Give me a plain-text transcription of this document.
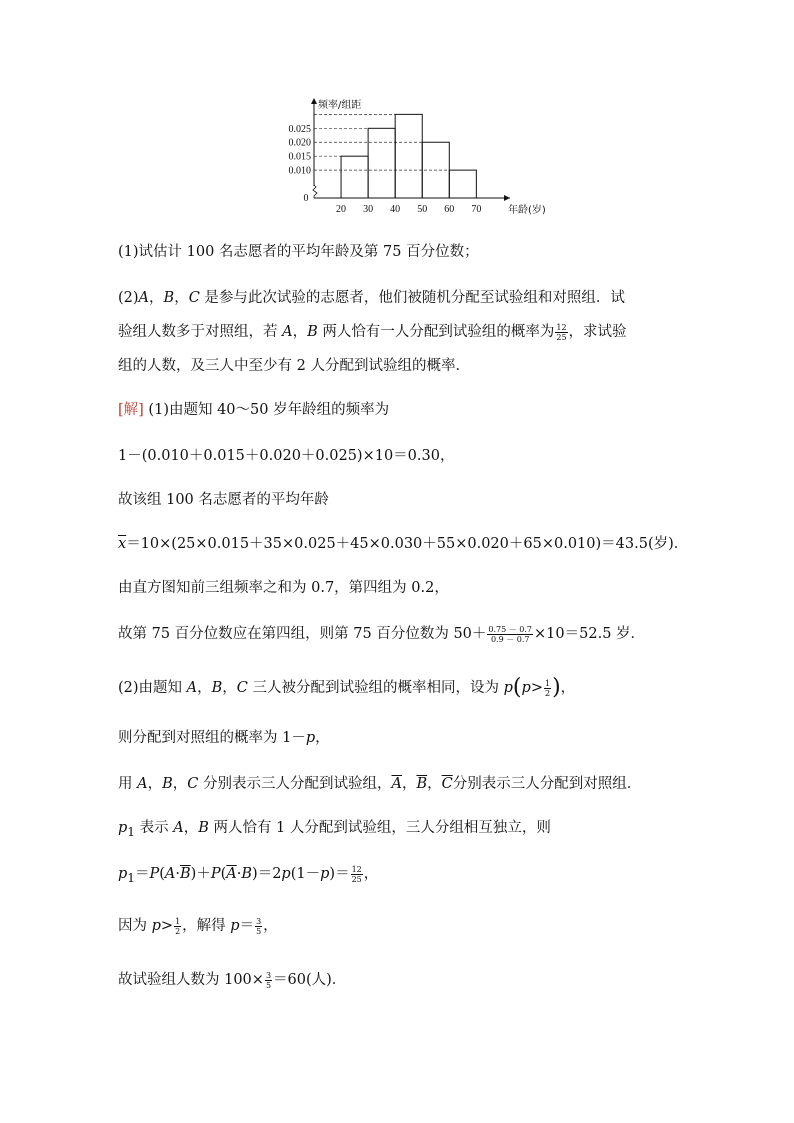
0.010
0.015
0.020
0.025
20 30 40 50 60 70
0
频率/组距
年龄(岁)
(1)试估计 100 名志愿者的平均年龄及第 75 百分位数；
(2)A，B，C 是参与此次试验的志愿者，他们被随机分配至试验组和对照组．试
验组人数多于对照组，若 A，B 两人恰有一人分配到试验组的概率为 $\frac{12}{25}$ ，求试验
组的人数，及三人中至少有 2 人分配到试验组的概率．
[解] (1)由题知 40～50 岁年龄组的频率为
1－(0.010＋0.015＋0.020＋0.025)×10＝0.30，
故该组 100 名志愿者的平均年龄
$\overline{x}=10\times(25\times 0.015+35\times 0.025+45\times 0.030+55\times 0.020+65\times 0.010)=43.5$(岁)．
由直方图知前三组频率之和为 0.7，第四组为 0.2，
故第 75 百分位数应在第四组，则第 75 百分位数为 $50+ \frac{0.75 - 0.7}{0.9 - 0.7} \times 10=52.5$ 岁．
(2)由题知 A，B，C 三人被分配到试验组的概率相同，设为 $p(p> \frac{1}{2}$ )，
则分配到对照组的概率为 1－p，
用 A，B，C 分别表示三人分配到试验组，$\overline{A}$，$\overline{B}$，$\overline{C}$分别表示三人分配到对照组．
$p_1$ 表示 A，B 两人恰有 1 人分配到试验组，三人分组相互独立，则
$p_1=P(A\cdot\overline{B})+P(\overline{A}\cdot B)=2p(1-p)= \frac{12}{25}$ ，
因为 $p> \frac{1}{2}$ ，解得 $p= \frac{3}{5}$ ，
故试验组人数为 $100\times \frac{3}{5} =60$(人)．
